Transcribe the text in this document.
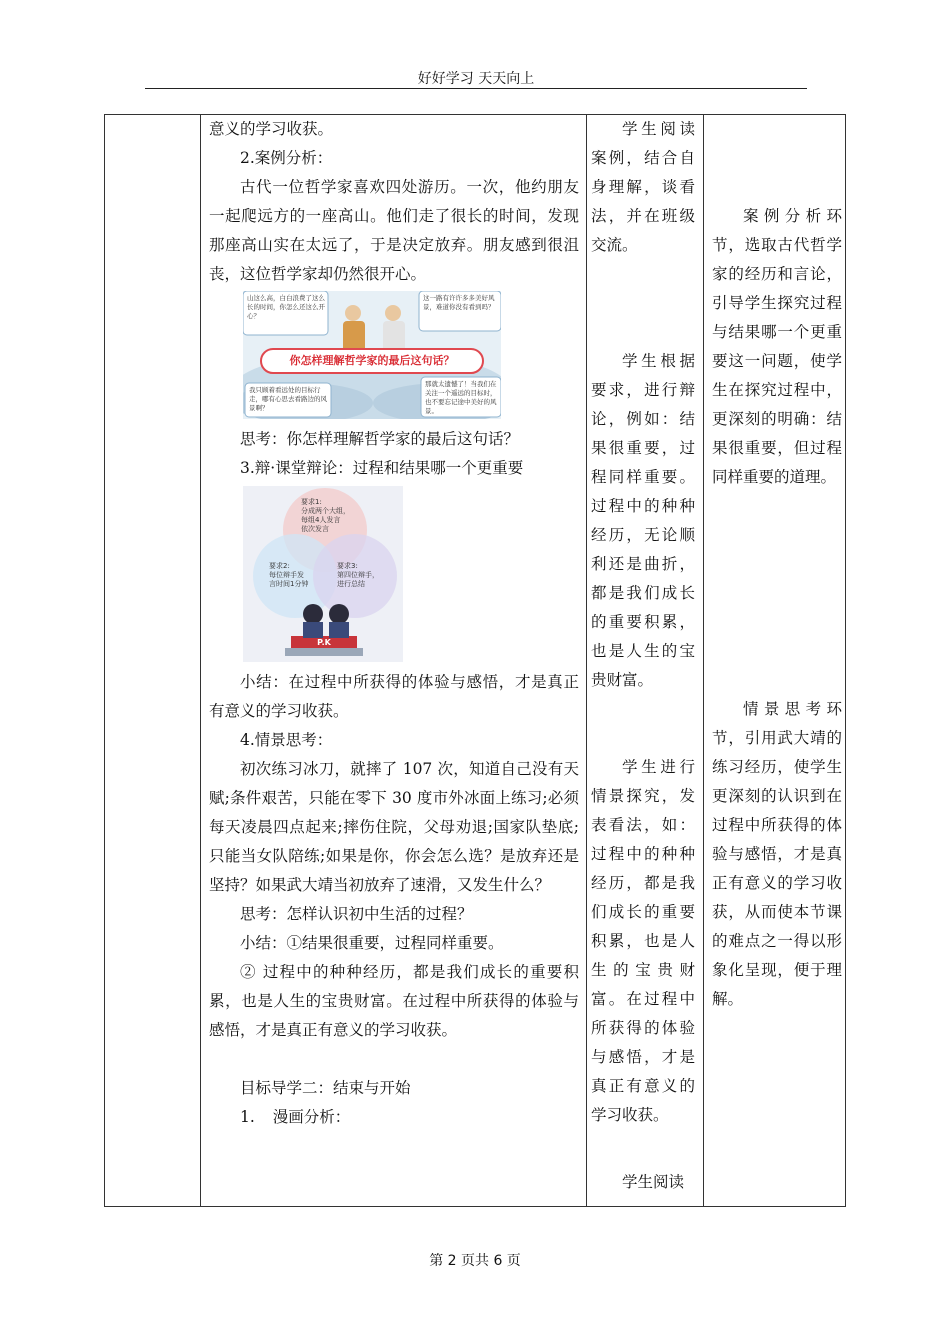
好好学习 天天向上

意义的学习收获。

2.案例分析：

古代一位哲学家喜欢四处游历。一次，他约朋友一起爬远方的一座高山。他们走了很长的时间，发现那座高山实在太远了，于是决定放弃。朋友感到很沮丧，这位哲学家却仍然很开心。

山这么高，白白浪费了这么长的时间，你怎么还这么开心？
这一路有许许多多美好风景，难道你没有看到吗？
你怎样理解哲学家的最后这句话？
我只顾着看远处的目标行走，哪有心思去看路边的风景啊？
那就太遗憾了！当我们在关注一个遥远的目标时，也不要忘记途中美好的风景。

思考：你怎样理解哲学家的最后这句话？

3.辩·课堂辩论：过程和结果哪一个更重要

要求1:
分成两个大组，
每组4人发言
依次发言
要求2:
每位辩手发
言时间1分钟
要求3:
第四位辩手，
进行总结
P.K

小结：在过程中所获得的体验与感悟，才是真正有意义的学习收获。

4.情景思考：

初次练习冰刀，就摔了 107 次，知道自己没有天赋;条件艰苦，只能在零下 30 度市外冰面上练习;必须每天凌晨四点起来;摔伤住院，父母劝退;国家队垫底;只能当女队陪练;如果是你，你会怎么选？是放弃还是坚持？如果武大靖当初放弃了速滑，又发生什么？

思考：怎样认识初中生活的过程？

小结：①结果很重要，过程同样重要。

② 过程中的种种经历，都是我们成长的重要积累，也是人生的宝贵财富。在过程中所获得的体验与感悟，才是真正有意义的学习收获。

目标导学二：结束与开始

1. 漫画分析：

学生阅读案例，结合自身理解，谈看法，并在班级交流。

学生根据要求，进行辩论，例如：结果很重要，过程同样重要。过程中的种种经历，无论顺利还是曲折，都是我们成长的重要积累，也是人生的宝贵财富。

学生进行情景探究，发表看法，如：过程中的种种经历，都是我们成长的重要积累，也是人生的宝贵财富。在过程中所获得的体验与感悟，才是真正有意义的学习收获。

学生阅读

案例分析环节，选取古代哲学家的经历和言论，引导学生探究过程与结果哪一个更重要这一问题，使学生在探究过程中，更深刻的明确：结果很重要，但过程同样重要的道理。

情景思考环节，引用武大靖的练习经历，使学生更深刻的认识到在过程中所获得的体验与感悟，才是真正有意义的学习收获，从而使本节课的难点之一得以形象化呈现，便于理解。

第 2 页共 6 页
